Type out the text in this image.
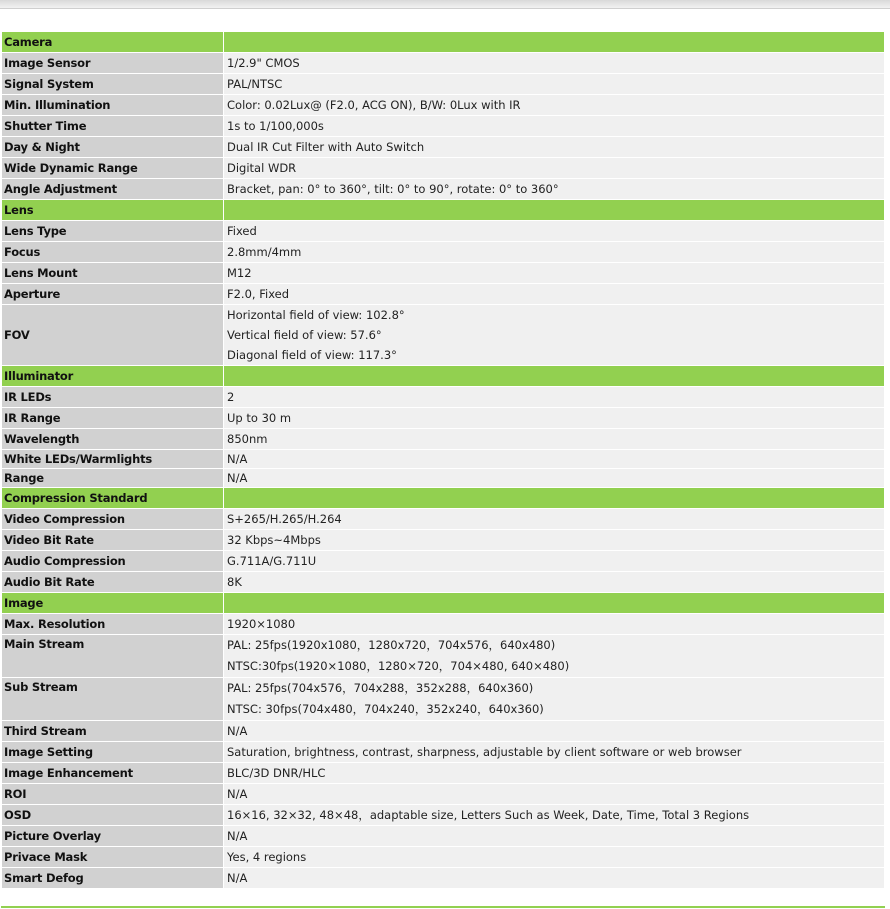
Camera	
Image Sensor	1/2.9" CMOS
Signal System	PAL/NTSC
Min. Illumination	Color: 0.02Lux@ (F2.0, ACG ON), B/W: 0Lux with IR
Shutter Time	1s to 1/100,000s
Day & Night	Dual IR Cut Filter with Auto Switch
Wide Dynamic Range	Digital WDR
Angle Adjustment	Bracket, pan: 0° to 360°, tilt: 0° to 90°, rotate: 0° to 360°
Lens	
Lens Type	Fixed
Focus	2.8mm/4mm
Lens Mount	M12
Aperture	F2.0, Fixed
FOV	Horizontal field of view: 102.8°
Vertical field of view: 57.6°
Diagonal field of view: 117.3°

Illuminator	
IR LEDs	2
IR Range	Up to 30 m
Wavelength	850nm
White LEDs/Warmlights	N/A
Range	N/A
Compression Standard	
Video Compression	S+265/H.265/H.264
Video Bit Rate	32 Kbps~4Mbps
Audio Compression	G.711A/G.711U
Audio Bit Rate	8K
Image	
Max. Resolution	1920×1080
Main Stream	PAL: 25fps(1920x1080，1280x720，704x576，640x480)
NTSC:30fps(1920×1080，1280×720，704×480, 640×480)

Sub Stream	PAL: 25fps(704x576，704x288，352x288，640x360)
NTSC: 30fps(704x480，704x240，352x240，640x360)

Third Stream	N/A
Image Setting	Saturation, brightness, contrast, sharpness, adjustable by client software or web browser
Image Enhancement	BLC/3D DNR/HLC
ROI	N/A
OSD	16×16, 32×32, 48×48，adaptable size, Letters Such as Week, Date, Time, Total 3 Regions
Picture Overlay	N/A
Privace Mask	Yes, 4 regions
Smart Defog	N/A
